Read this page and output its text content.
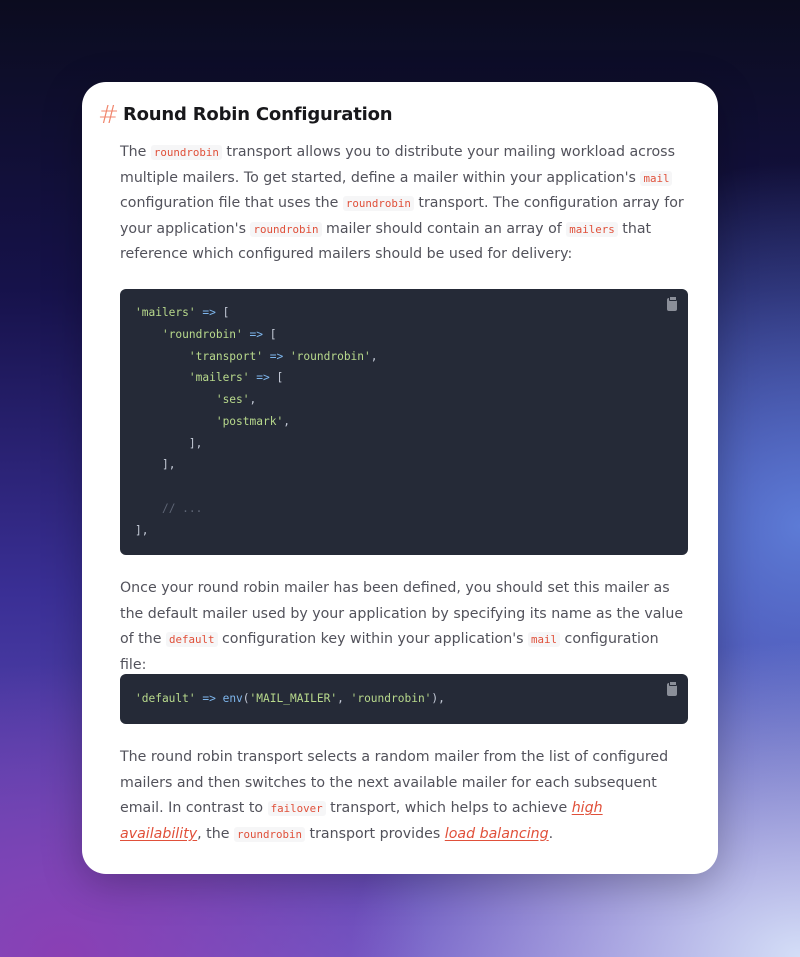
# Round Robin Configuration

The roundrobin transport allows you to distribute your mailing workload across multiple mailers. To get started, define a mailer within your application's mail configuration file that uses the roundrobin transport. The configuration array for your application's roundrobin mailer should contain an array of mailers that reference which configured mailers should be used for delivery:

'mailers' => [
'roundrobin' => [
'transport' => 'roundrobin',
'mailers' => [
'ses',
'postmark',
],
],

// ...
],

Once your round robin mailer has been defined, you should set this mailer as the default mailer used by your application by specifying its name as the value of the default configuration key within your application's mail configuration file:

'default' => env('MAIL_MAILER', 'roundrobin'),

The round robin transport selects a random mailer from the list of configured mailers and then switches to the next available mailer for each subsequent email. In contrast to failover transport, which helps to achieve high availability, the roundrobin transport provides load balancing.
